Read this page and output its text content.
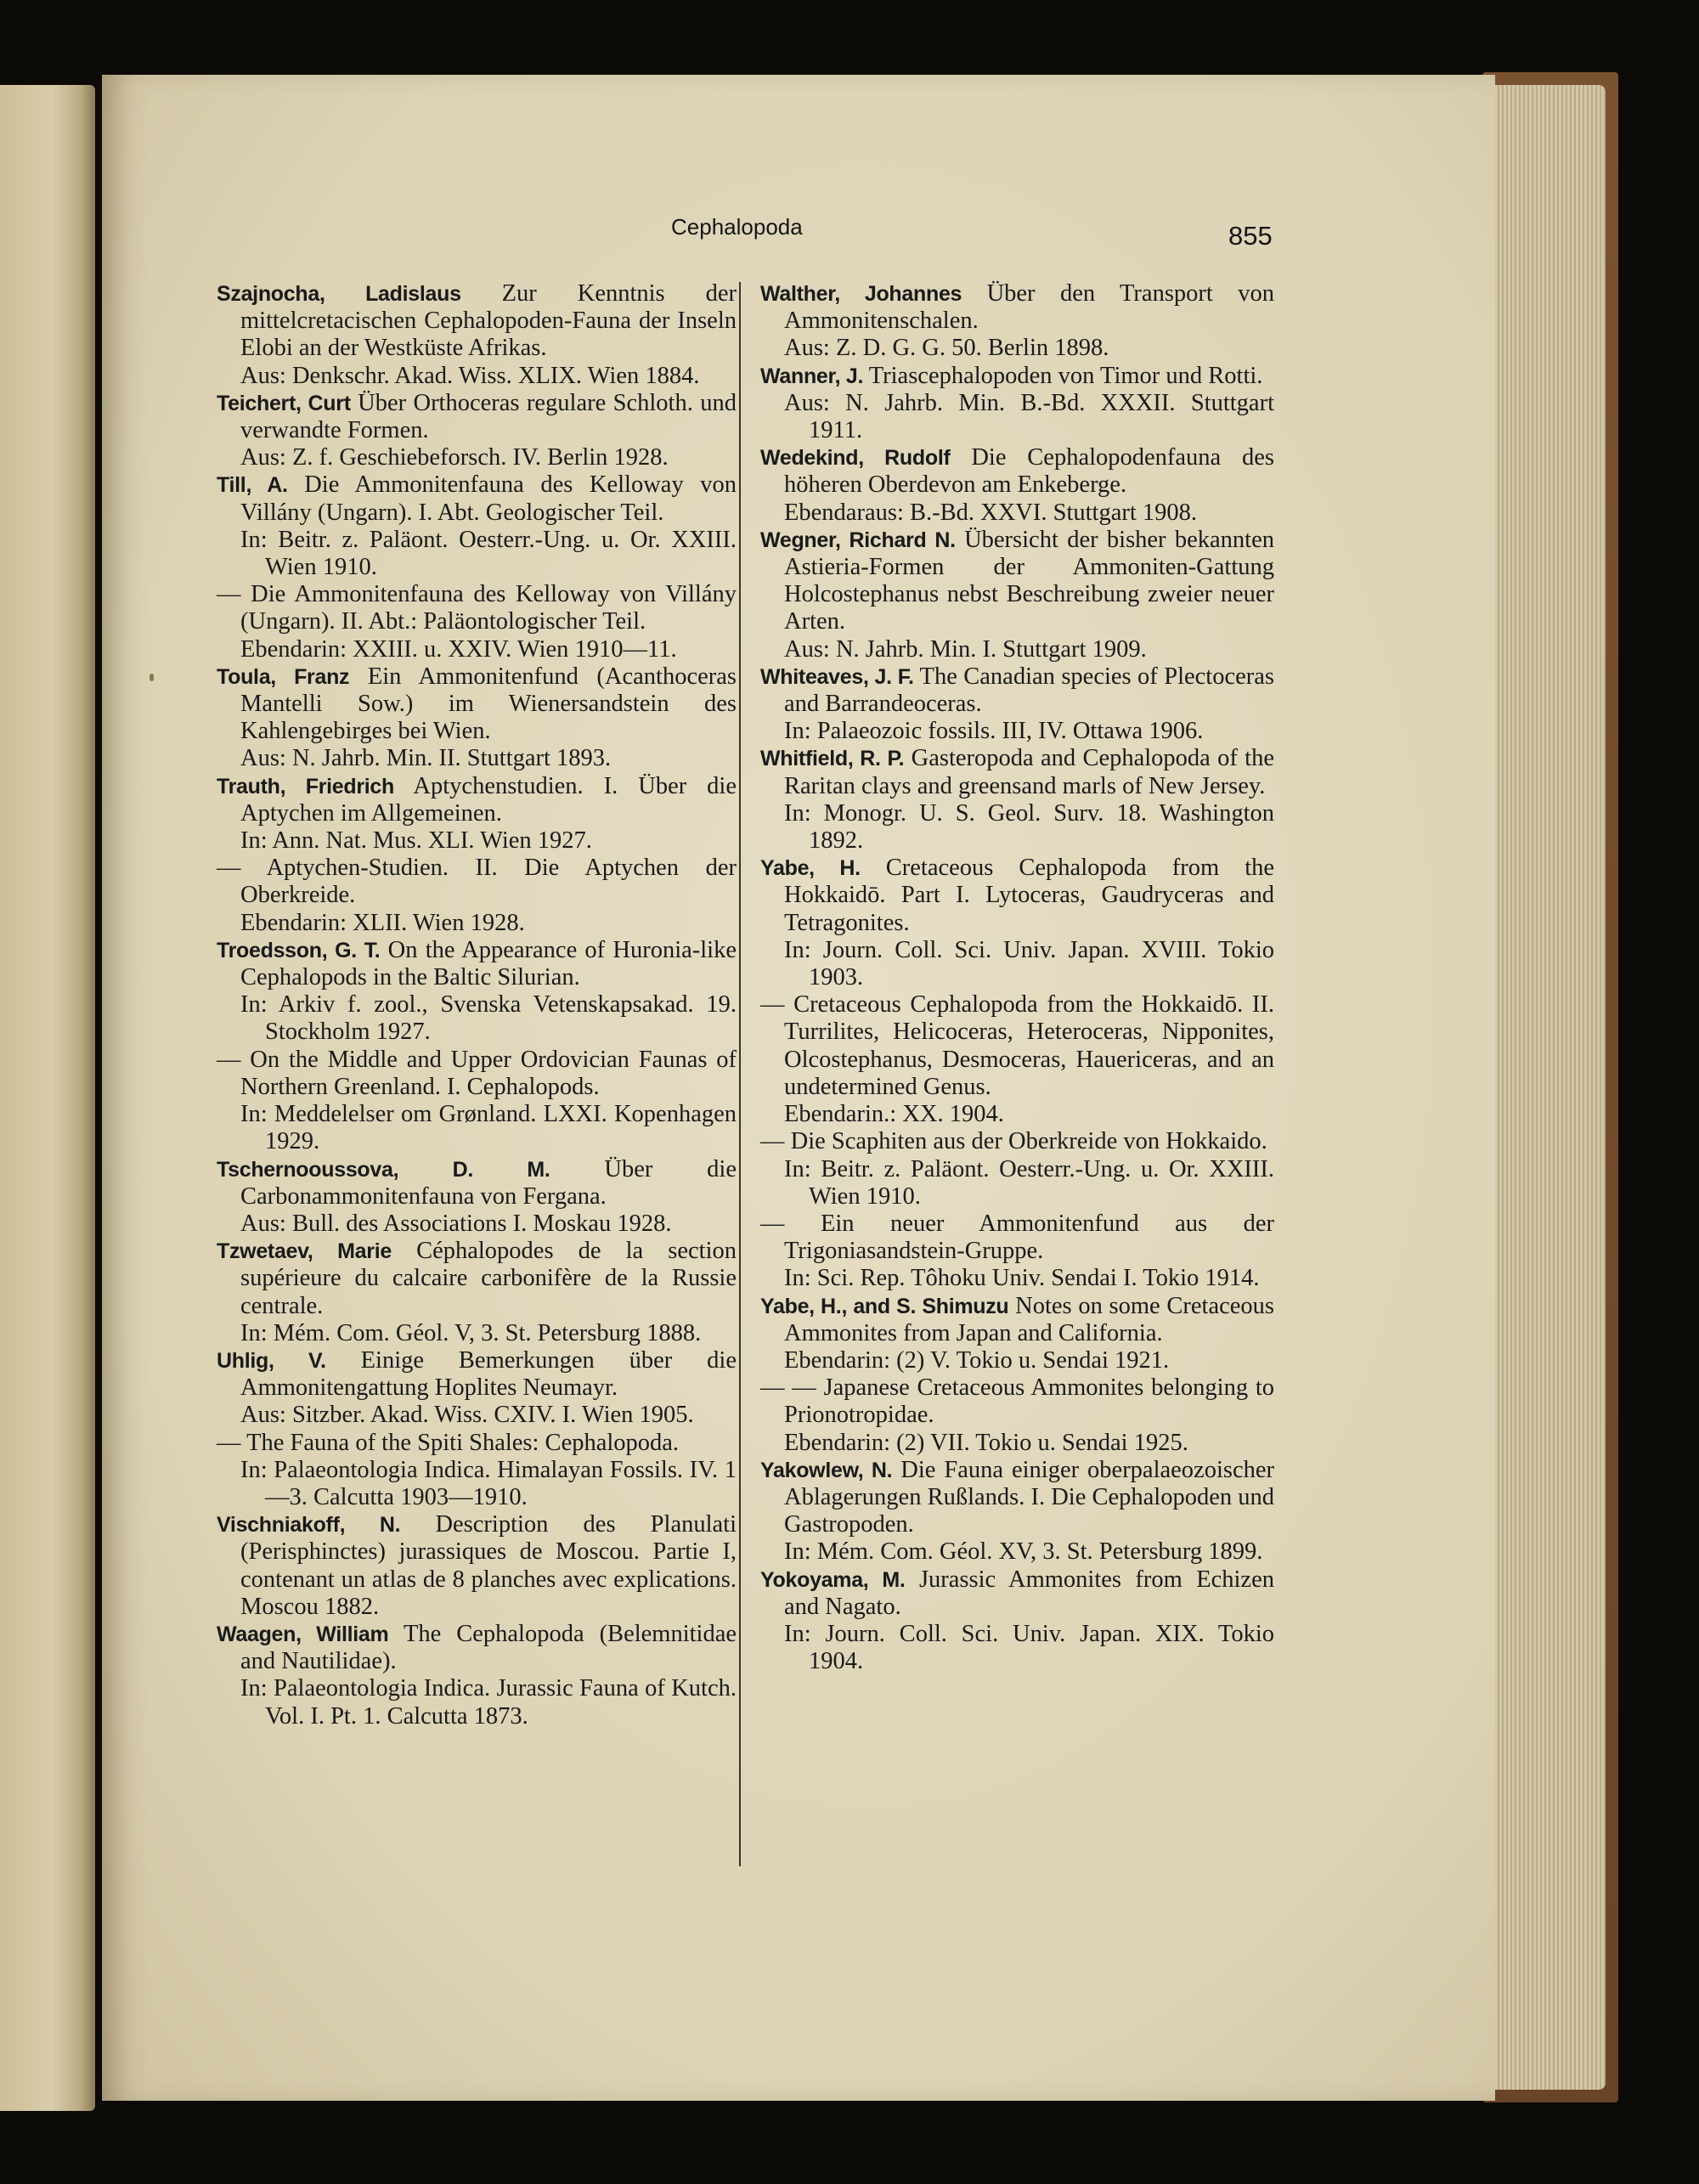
Cephalopoda	855
Szajnocha, Ladislaus Zur Kenntnis der mittelcretacischen Cephalopoden-Fauna der Inseln Elobi an der Westküste Afrikas.
Aus: Denkschr. Akad. Wiss. XLIX. Wien 1884.
Teichert, Curt Über Orthoceras regulare Schloth. und verwandte Formen.
Aus: Z. f. Geschiebeforsch. IV. Berlin 1928.
Till, A. Die Ammonitenfauna des Kelloway von Villány (Ungarn). I. Abt. Geologischer Teil.
In: Beitr. z. Paläont. Oesterr.-Ung. u. Or. XXIII. Wien 1910.
— Die Ammonitenfauna des Kelloway von Villány (Ungarn). II. Abt.: Paläontologischer Teil.
Ebendarin: XXIII. u. XXIV. Wien 1910—11.
Toula, Franz Ein Ammonitenfund (Acanthoceras Mantelli Sow.) im Wienersandstein des Kahlengebirges bei Wien.
Aus: N. Jahrb. Min. II. Stuttgart 1893.
Trauth, Friedrich Aptychenstudien. I. Über die Aptychen im Allgemeinen.
In: Ann. Nat. Mus. XLI. Wien 1927.
— Aptychen-Studien. II. Die Aptychen der Oberkreide.
Ebendarin: XLII. Wien 1928.
Troedsson, G. T. On the Appearance of Huronia-like Cephalopods in the Baltic Silurian.
In: Arkiv f. zool., Svenska Vetenskapsakad. 19. Stockholm 1927.
— On the Middle and Upper Ordovician Faunas of Northern Greenland. I. Cephalopods.
In: Meddelelser om Grønland. LXXI. Kopenhagen 1929.
Tschernooussova, D. M. Über die Carbonammonitenfauna von Fergana.
Aus: Bull. des Associations I. Moskau 1928.
Tzwetaev, Marie Céphalopodes de la section supérieure du calcaire carbonifère de la Russie centrale.
In: Mém. Com. Géol. V, 3. St. Petersburg 1888.
Uhlig, V. Einige Bemerkungen über die Ammonitengattung Hoplites Neumayr.
Aus: Sitzber. Akad. Wiss. CXIV. I. Wien 1905.
— The Fauna of the Spiti Shales: Cephalopoda.
In: Palaeontologia Indica. Himalayan Fossils. IV. 1—3. Calcutta 1903—1910.
Vischniakoff, N. Description des Planulati (Perisphinctes) jurassiques de Moscou. Partie I, contenant un atlas de 8 planches avec explications. Moscou 1882.
Waagen, William The Cephalopoda (Belemnitidae and Nautilidae).
In: Palaeontologia Indica. Jurassic Fauna of Kutch. Vol. I. Pt. 1. Calcutta 1873.
Walther, Johannes Über den Transport von Ammonitenschalen.
Aus: Z. D. G. G. 50. Berlin 1898.
Wanner, J. Triascephalopoden von Timor und Rotti.
Aus: N. Jahrb. Min. B.-Bd. XXXII. Stuttgart 1911.
Wedekind, Rudolf Die Cephalopodenfauna des höheren Oberdevon am Enkeberge.
Ebendaraus: B.-Bd. XXVI. Stuttgart 1908.
Wegner, Richard N. Übersicht der bisher bekannten Astieria-Formen der Ammoniten-Gattung Holcostephanus nebst Beschreibung zweier neuer Arten.
Aus: N. Jahrb. Min. I. Stuttgart 1909.
Whiteaves, J. F. The Canadian species of Plectoceras and Barrandeoceras.
In: Palaeozoic fossils. III, IV. Ottawa 1906.
Whitfield, R. P. Gasteropoda and Cephalopoda of the Raritan clays and greensand marls of New Jersey.
In: Monogr. U. S. Geol. Surv. 18. Washington 1892.
Yabe, H. Cretaceous Cephalopoda from the Hokkaidō. Part I. Lytoceras, Gaudryceras and Tetragonites.
In: Journ. Coll. Sci. Univ. Japan. XVIII. Tokio 1903.
— Cretaceous Cephalopoda from the Hokkaidō. II. Turrilites, Helicoceras, Heteroceras, Nipponites, Olcostephanus, Desmoceras, Hauericeras, and an undetermined Genus.
Ebendarin.: XX. 1904.
— Die Scaphiten aus der Oberkreide von Hokkaido.
In: Beitr. z. Paläont. Oesterr.-Ung. u. Or. XXIII. Wien 1910.
— Ein neuer Ammonitenfund aus der Trigoniasandstein-Gruppe.
In: Sci. Rep. Tôhoku Univ. Sendai I. Tokio 1914.
Yabe, H., and S. Shimuzu Notes on some Cretaceous Ammonites from Japan and California.
Ebendarin: (2) V. Tokio u. Sendai 1921.
— — Japanese Cretaceous Ammonites belonging to Prionotropidae.
Ebendarin: (2) VII. Tokio u. Sendai 1925.
Yakowlew, N. Die Fauna einiger oberpalaeozoischer Ablagerungen Rußlands. I. Die Cephalopoden und Gastropoden.
In: Mém. Com. Géol. XV, 3. St. Petersburg 1899.
Yokoyama, M. Jurassic Ammonites from Echizen and Nagato.
In: Journ. Coll. Sci. Univ. Japan. XIX. Tokio 1904.
